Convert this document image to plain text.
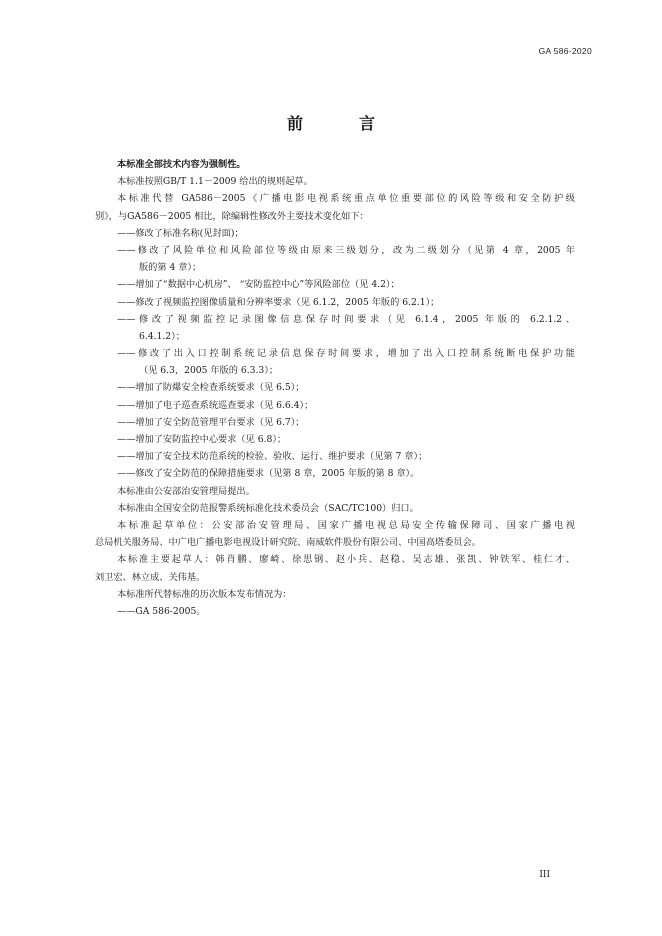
GA 586-2020
前　言
本标准全部技术内容为强制性。
本标准按照GB/T 1.1－2009 给出的规则起草。
本标准代替 GA586－2005《广播电影电视系统重点单位重要部位的风险等级和安全防护级
别》，与GA586－2005 相比，除编辑性修改外主要技术变化如下：
——修改了标准名称(见封面)；
——修改了风险单位和风险部位等级由原来三级划分，改为二级划分（见第 4 章，2005 年
版的第 4 章）；
——增加了“数据中心机房”、 “安防监控中心”等风险部位（见 4.2）；
——修改了视频监控图像质量和分辨率要求（见 6.1.2，2005 年版的 6.2.1）；
——修改了视频监控记录图像信息保存时间要求（见 6.1.4，2005 年版的 6.2.1.2、
6.4.1.2）；
——修改了出入口控制系统记录信息保存时间要求，增加了出入口控制系统断电保护功能
（见 6.3，2005 年版的 6.3.3）；
——增加了防爆安全检查系统要求（见 6.5）；
——增加了电子巡查系统巡查要求（见 6.6.4）；
——增加了安全防范管理平台要求（见 6.7）；
——增加了安防监控中心要求（见 6.8）；
——增加了安全技术防范系统的检验、验收、运行、维护要求（见第 7 章）；
——修改了安全防范的保障措施要求（见第 8 章，2005 年版的第 8 章）。
本标准由公安部治安管理局提出。
本标准由全国安全防范报警系统标准化技术委员会（SAC/TC100）归口。
本标准起草单位：公安部治安管理局、国家广播电视总局安全传输保障司、国家广播电视
总局机关服务局、中广电广播电影电视设计研究院、南威软件股份有限公司、中国高塔委员会。
本标准主要起草人：韩肖鹏、廖崎、徐思钢、赵小兵、赵稳、吴志雄、张凯、钟铁军、桂仁才、
刘卫宏、林立成、关伟基。
本标准所代替标准的历次版本发布情况为：
——GA 586-2005。
III
